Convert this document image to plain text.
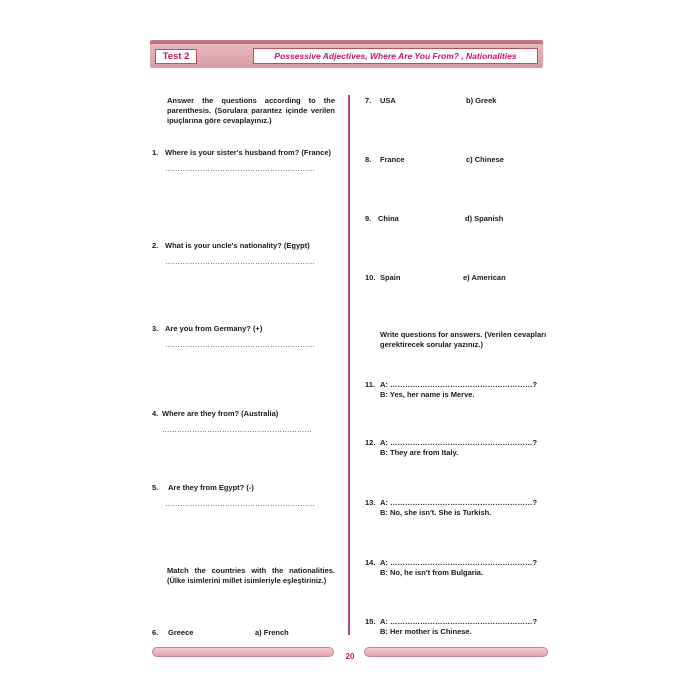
Test 2	Possessive Adjectives, Where Are You From? , Nationalities
Answer the questions according to the parenthesis. (Sorulara parantez içinde verilen ipuçlarına göre cevaplayınız.)
1. Where is your sister's husband from? (France)
……………………………………………………
2. What is your uncle's nationality? (Egypt)
……………………………………………………
3. Are you from Germany? (+)
……………………………………………………
4. Where are they from? (Australia)
……………………………………………………
5. Are they from Egypt? (-)
……………………………………………………
Match the countries with the nationalities. (Ülke isimlerini millet isimleriyle eşleştiriniz.)
6. Greece	a) French
7. USA	b) Greek
8. France	c) Chinese
9. China	d) Spanish
10. Spain	e) American
Write questions for answers. (Verilen cevapları gerektirecek sorular yazınız.)
11. A: …………………………………………………?
B: Yes, her name is Merve.
12. A: …………………………………………………?
B: They are from Italy.
13. A: …………………………………………………?
B: No, she isn't. She is Turkish.
14. A: …………………………………………………?
B: No, he isn't from Bulgaria.
15. A: …………………………………………………?
B: Her mother is Chinese.
20
